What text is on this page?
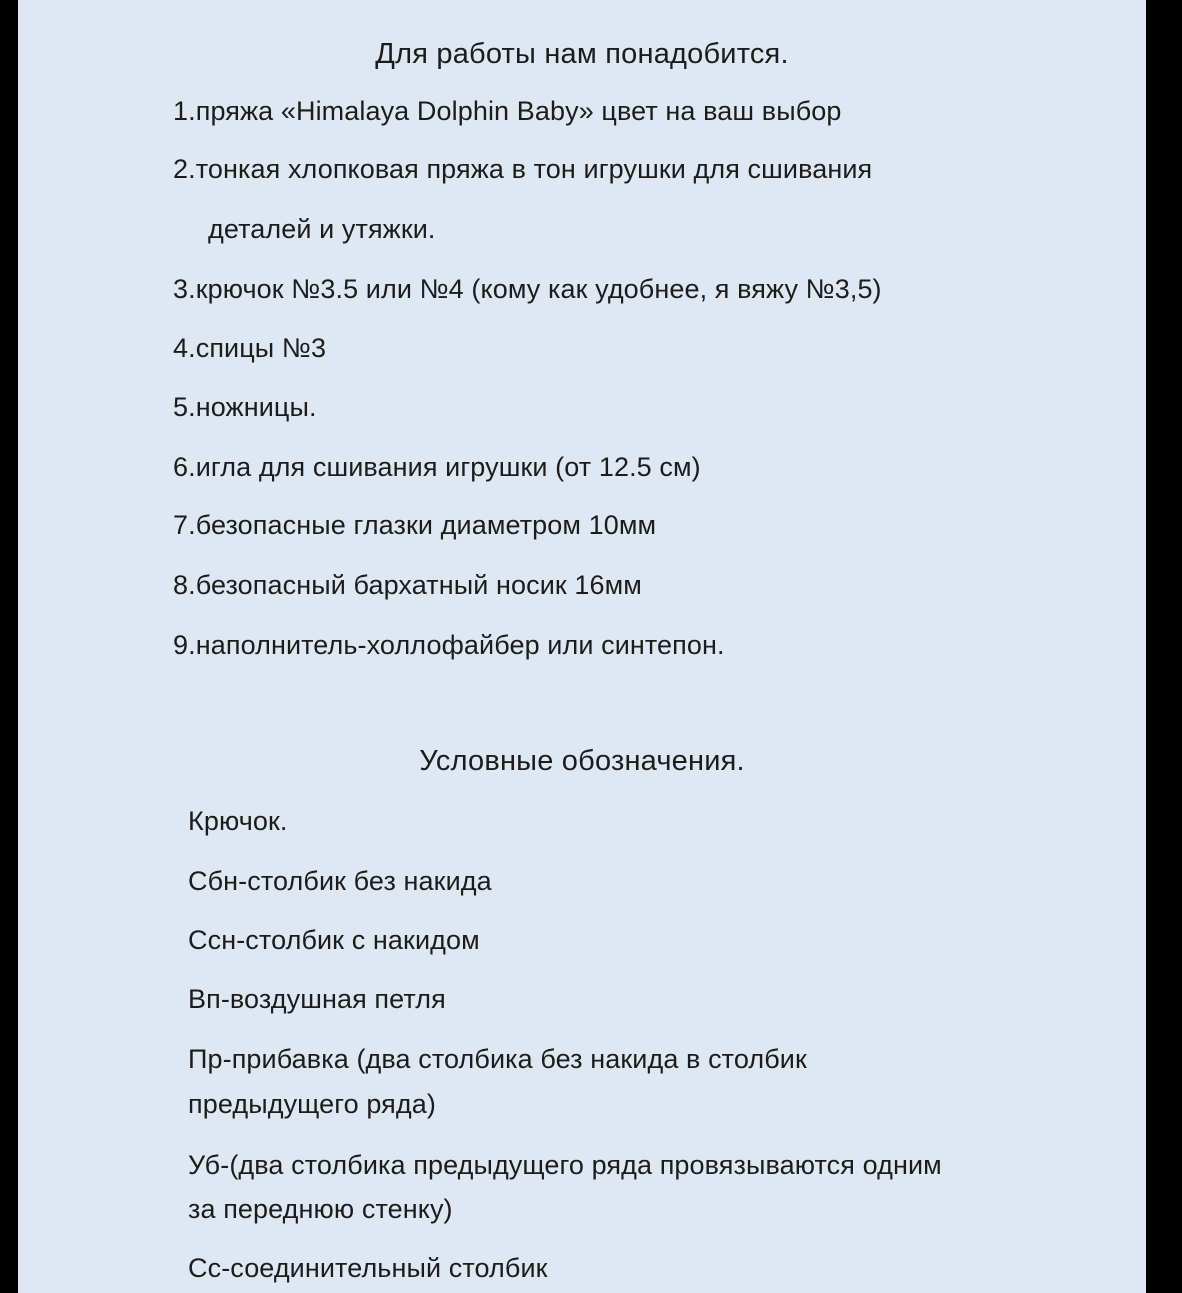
Для работы нам понадобится.
1.пряжа «Himalaya Dolphin Baby» цвет на ваш выбор
2.тонкая хлопковая пряжа в тон игрушки для сшивания
деталей и утяжки.
3.крючок №3.5 или №4 (кому как удобнее, я вяжу №3,5)
4.спицы №3
5.ножницы.
6.игла для сшивания игрушки (от 12.5 см)
7.безопасные глазки диаметром 10мм
8.безопасный бархатный носик 16мм
9.наполнитель-холлофайбер или синтепон.
Условные обозначения.
Крючок.
Сбн-столбик без накида
Ссн-столбик с накидом
Вп-воздушная петля
Пр-прибавка (два столбика без накида в столбик
предыдущего ряда)
Уб-(два столбика предыдущего ряда провязываются одним
за переднюю стенку)
Сс-соединительный столбик
